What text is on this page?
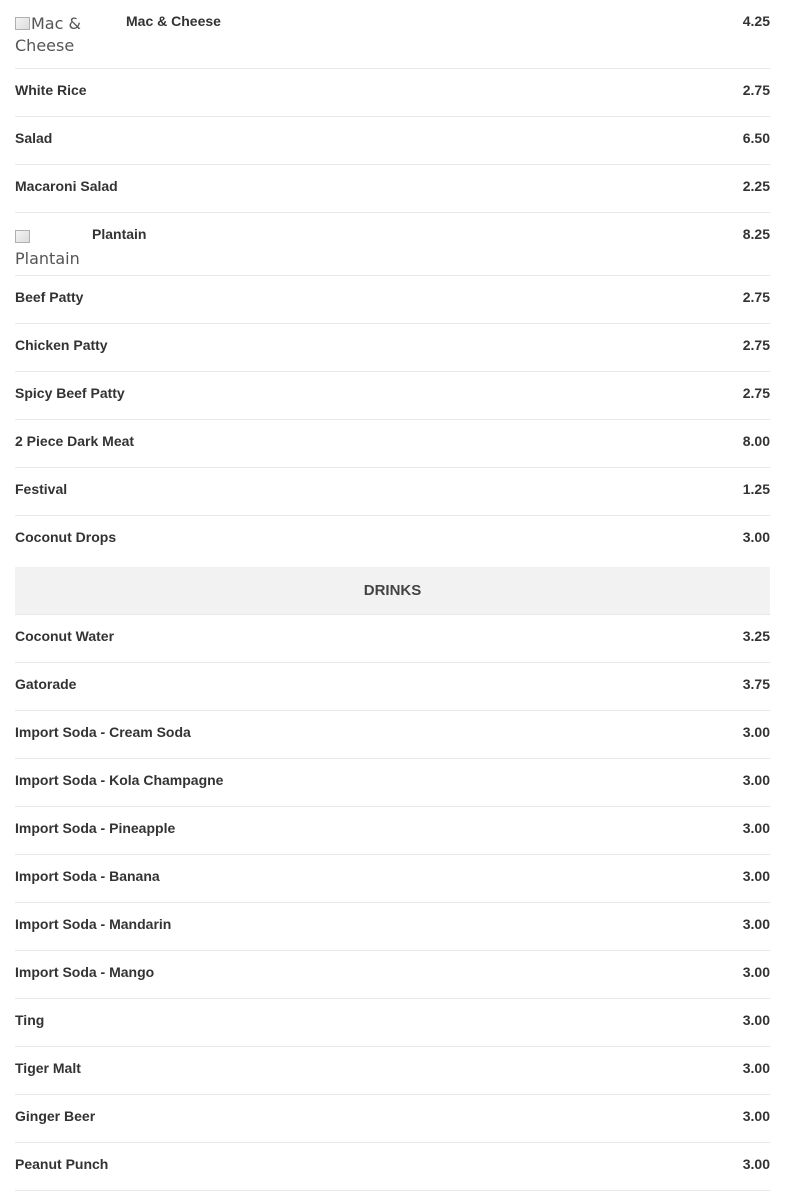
Mac & Cheese
Mac & Cheese	4.25
White Rice	2.75
Salad	6.50
Macaroni Salad	2.25

Plantain
Plantain	8.25
Beef Patty	2.75
Chicken Patty	2.75
Spicy Beef Patty	2.75
2 Piece Dark Meat	8.00
Festival	1.25
Coconut Drops	3.00
DRINKS
Coconut Water	3.25
Gatorade	3.75
Import Soda - Cream Soda	3.00
Import Soda - Kola Champagne	3.00
Import Soda - Pineapple	3.00
Import Soda - Banana	3.00
Import Soda - Mandarin	3.00
Import Soda - Mango	3.00
Ting	3.00
Tiger Malt	3.00
Ginger Beer	3.00
Peanut Punch	3.00
